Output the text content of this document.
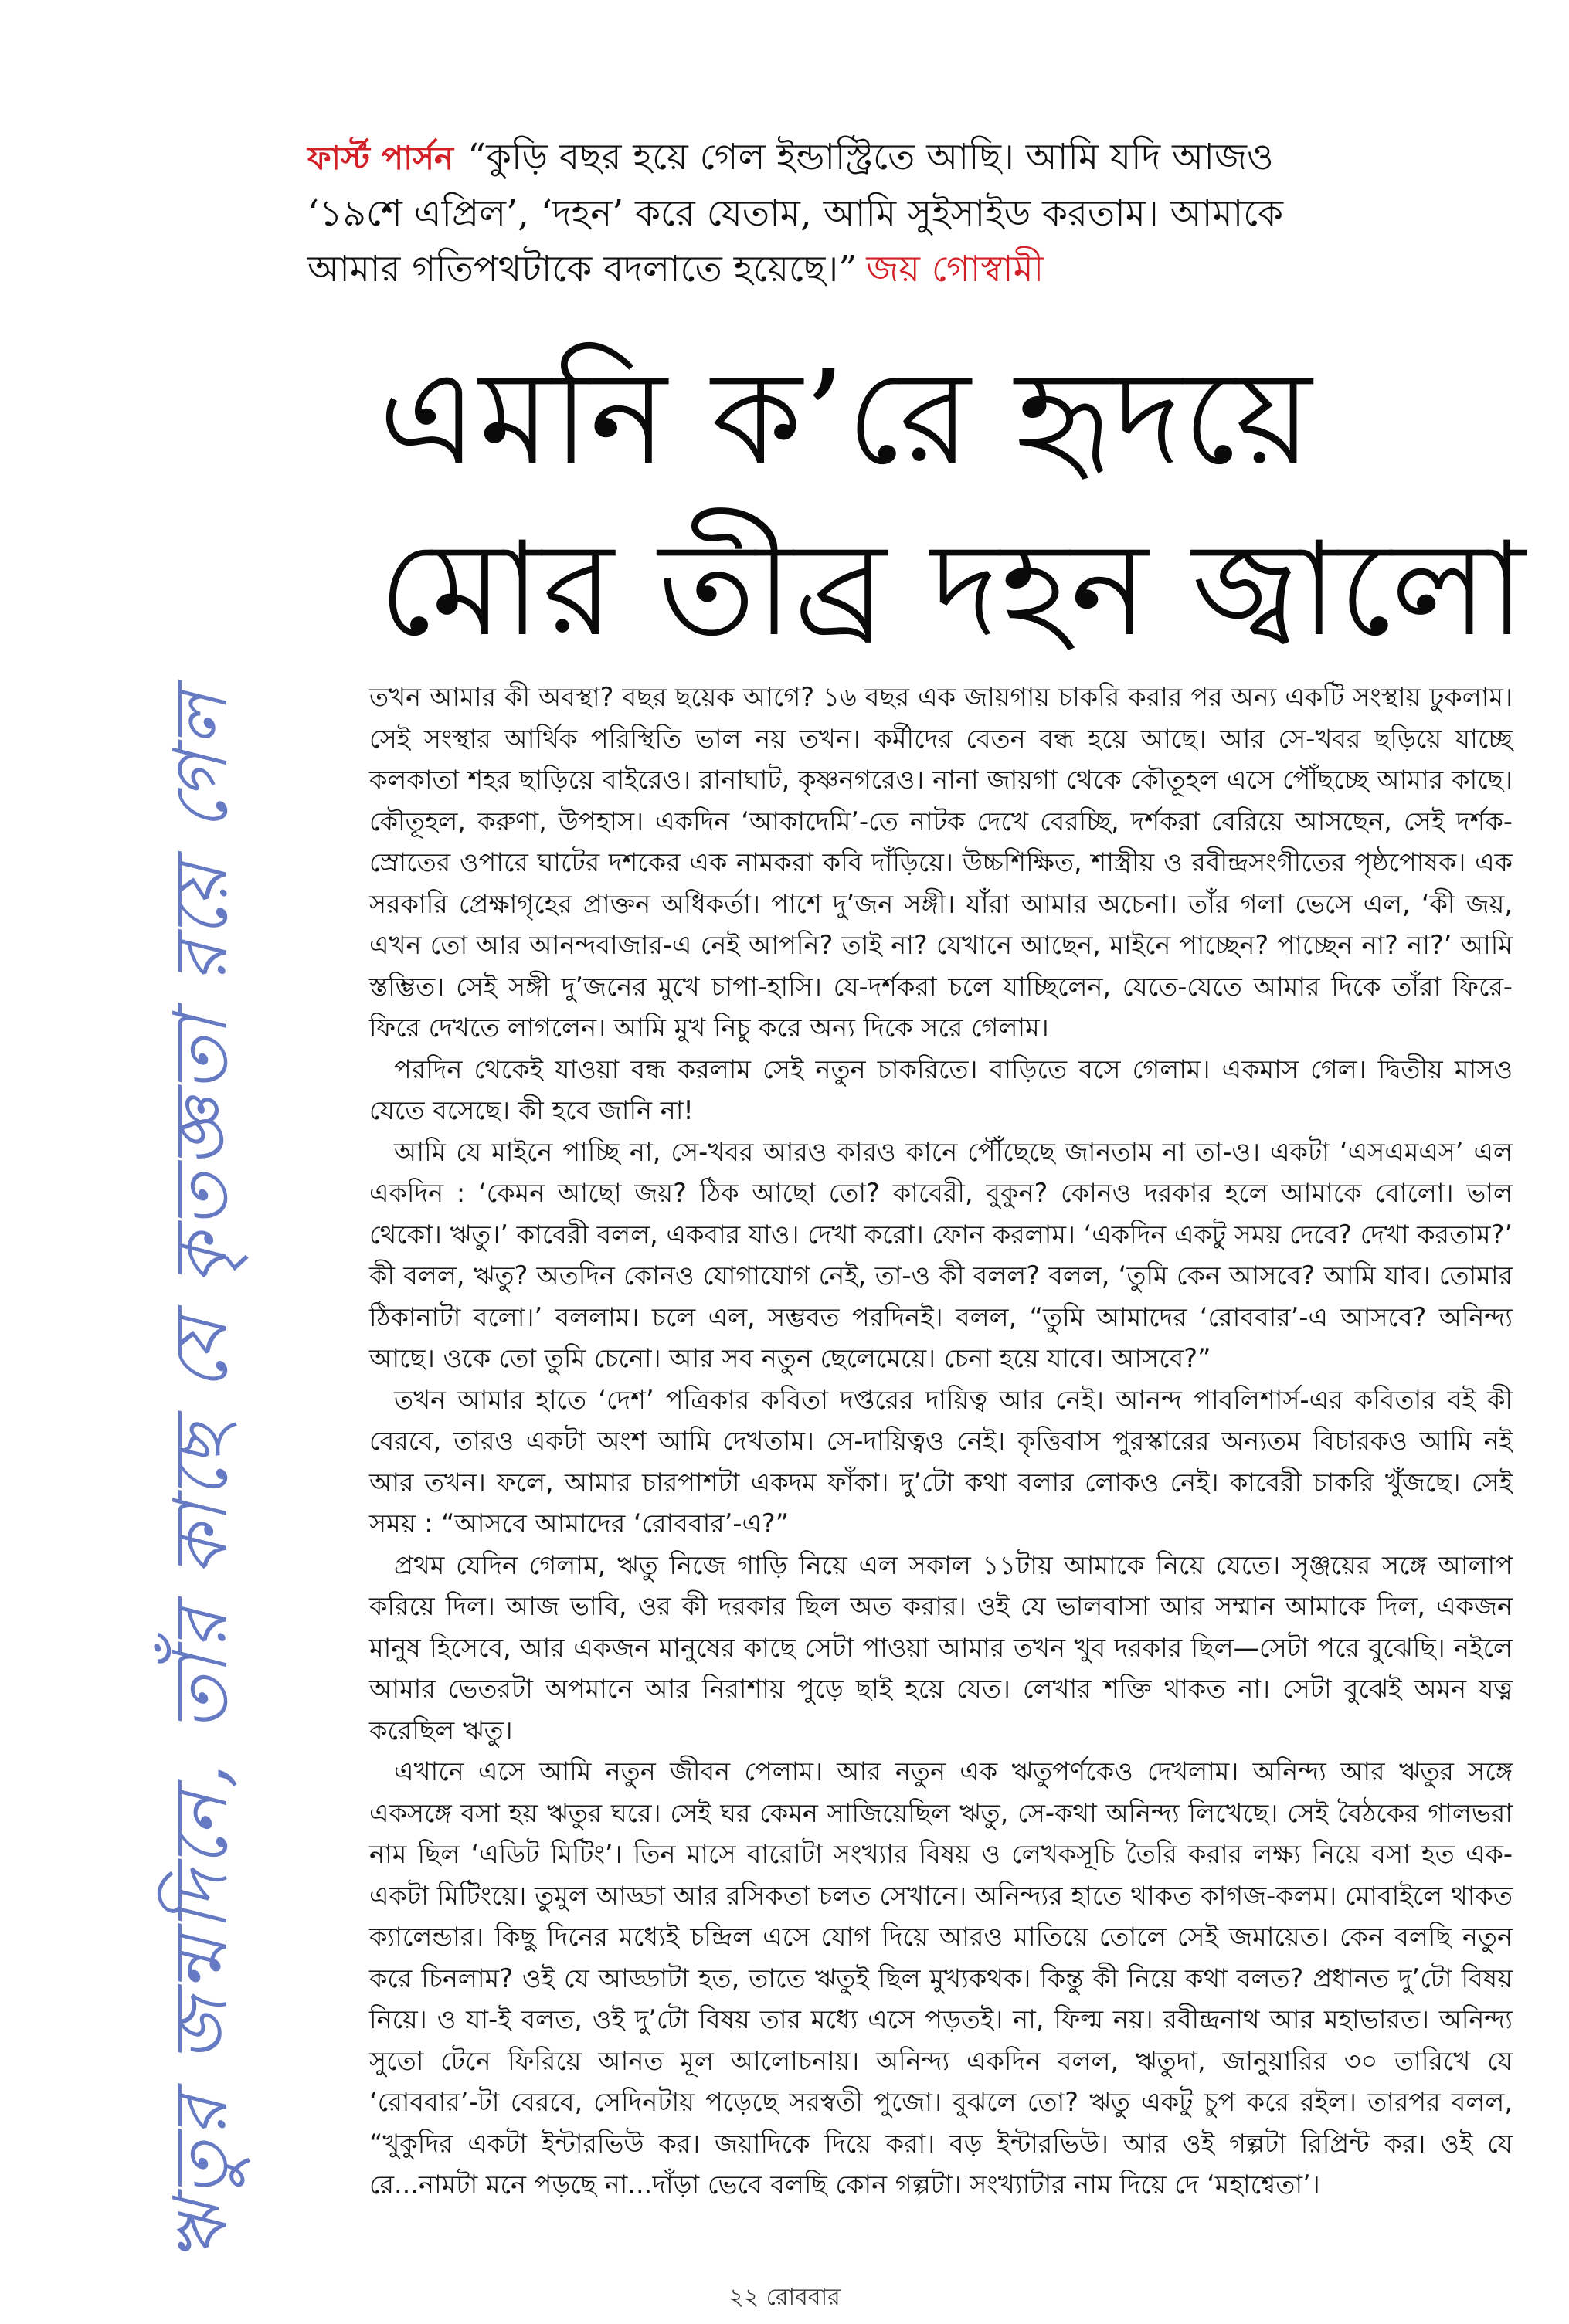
ঋতুর জন্মদিনে, তাঁর কাছে যে কৃতজ্ঞতা রয়ে গেল
ফার্স্ট পার্সন “কুড়ি বছর হয়ে গেল ইন্ডাস্ট্রিতে আছি। আমি যদি আজও ‘১৯শে এপ্রিল’, ‘দহন’ করে যেতাম, আমি সুইসাইড করতাম। আমাকে আমার গতিপথটাকে বদলাতে হয়েছে।” জয় গোস্বামী
এমনি ক’রে হৃদয়ে
মোর তীব্র দহন জ্বালো

তখন আমার কী অবস্থা? বছর ছয়েক আগে? ১৬ বছর এক জায়গায় চাকরি করার পর অন্য একটি সংস্থায় ঢুকলাম। সেই সংস্থার আর্থিক পরিস্থিতি ভাল নয় তখন। কর্মীদের বেতন বন্ধ হয়ে আছে। আর সে-খবর ছড়িয়ে যাচ্ছে কলকাতা শহর ছাড়িয়ে বাইরেও। রানাঘাট, কৃষ্ণনগরেও। নানা জায়গা থেকে কৌতূহল এসে পৌঁছচ্ছে আমার কাছে। কৌতূহল, করুণা, উপহাস। একদিন ‘আকাদেমি’-তে নাটক দেখে বেরচ্ছি, দর্শকরা বেরিয়ে আসছেন, সেই দর্শক-স্রোতের ওপারে ঘাটের দশকের এক নামকরা কবি দাঁড়িয়ে। উচ্চশিক্ষিত, শাস্ত্রীয় ও রবীন্দ্রসংগীতের পৃষ্ঠপোষক। এক সরকারি প্রেক্ষাগৃহের প্রাক্তন অধিকর্তা। পাশে দু’জন সঙ্গী। যাঁরা আমার অচেনা। তাঁর গলা ভেসে এল, ‘কী জয়, এখন তো আর আনন্দবাজার-এ নেই আপনি? তাই না? যেখানে আছেন, মাইনে পাচ্ছেন? পাচ্ছেন না? না?’ আমি স্তম্ভিত। সেই সঙ্গী দু’জনের মুখে চাপা-হাসি। যে-দর্শকরা চলে যাচ্ছিলেন, যেতে-যেতে আমার দিকে তাঁরা ফিরে-ফিরে দেখতে লাগলেন। আমি মুখ নিচু করে অন্য দিকে সরে গেলাম।

পরদিন থেকেই যাওয়া বন্ধ করলাম সেই নতুন চাকরিতে। বাড়িতে বসে গেলাম। একমাস গেল। দ্বিতীয় মাসও যেতে বসেছে। কী হবে জানি না!

আমি যে মাইনে পাচ্ছি না, সে-খবর আরও কারও কানে পৌঁছেছে জানতাম না তা-ও। একটা ‘এসএমএস’ এল একদিন : ‘কেমন আছো জয়? ঠিক আছো তো? কাবেরী, বুকুন? কোনও দরকার হলে আমাকে বোলো। ভাল থেকো। ঋতু।’ কাবেরী বলল, একবার যাও। দেখা করো। ফোন করলাম। ‘একদিন একটু সময় দেবে? দেখা করতাম?’ কী বলল, ঋতু? অতদিন কোনও যোগাযোগ নেই, তা-ও কী বলল? বলল, ‘তুমি কেন আসবে? আমি যাব। তোমার ঠিকানাটা বলো।’ বললাম। চলে এল, সম্ভবত পরদিনই। বলল, “তুমি আমাদের ‘রোববার’-এ আসবে? অনিন্দ্য আছে। ওকে তো তুমি চেনো। আর সব নতুন ছেলেমেয়ে। চেনা হয়ে যাবে। আসবে?”

তখন আমার হাতে ‘দেশ’ পত্রিকার কবিতা দপ্তরের দায়িত্ব আর নেই। আনন্দ পাবলিশার্স-এর কবিতার বই কী বেরবে, তারও একটা অংশ আমি দেখতাম। সে-দায়িত্বও নেই। কৃত্তিবাস পুরস্কারের অন্যতম বিচারকও আমি নই আর তখন। ফলে, আমার চারপাশটা একদম ফাঁকা। দু’টো কথা বলার লোকও নেই। কাবেরী চাকরি খুঁজছে। সেই সময় : “আসবে আমাদের ‘রোববার’-এ?”

প্রথম যেদিন গেলাম, ঋতু নিজে গাড়ি নিয়ে এল সকাল ১১টায় আমাকে নিয়ে যেতে। সৃঞ্জয়ের সঙ্গে আলাপ করিয়ে দিল। আজ ভাবি, ওর কী দরকার ছিল অত করার। ওই যে ভালবাসা আর সম্মান আমাকে দিল, একজন মানুষ হিসেবে, আর একজন মানুষের কাছে সেটা পাওয়া আমার তখন খুব দরকার ছিল—সেটা পরে বুঝেছি। নইলে আমার ভেতরটা অপমানে আর নিরাশায় পুড়ে ছাই হয়ে যেত। লেখার শক্তি থাকত না। সেটা বুঝেই অমন যত্ন করেছিল ঋতু।

এখানে এসে আমি নতুন জীবন পেলাম। আর নতুন এক ঋতুপর্ণকেও দেখলাম। অনিন্দ্য আর ঋতুর সঙ্গে একসঙ্গে বসা হয় ঋতুর ঘরে। সেই ঘর কেমন সাজিয়েছিল ঋতু, সে-কথা অনিন্দ্য লিখেছে। সেই বৈঠকের গালভরা নাম ছিল ‘এডিট মিটিং’। তিন মাসে বারোটা সংখ্যার বিষয় ও লেখকসূচি তৈরি করার লক্ষ্য নিয়ে বসা হত এক-একটা মিটিংয়ে। তুমুল আড্ডা আর রসিকতা চলত সেখানে। অনিন্দ্যর হাতে থাকত কাগজ-কলম। মোবাইলে থাকত ক্যালেন্ডার। কিছু দিনের মধ্যেই চন্দ্রিল এসে যোগ দিয়ে আরও মাতিয়ে তোলে সেই জমায়েত। কেন বলছি নতুন করে চিনলাম? ওই যে আড্ডাটা হত, তাতে ঋতুই ছিল মুখ্যকথক। কিন্তু কী নিয়ে কথা বলত? প্রধানত দু’টো বিষয় নিয়ে। ও যা-ই বলত, ওই দু’টো বিষয় তার মধ্যে এসে পড়তই। না, ফিল্ম নয়। রবীন্দ্রনাথ আর মহাভারত। অনিন্দ্য সুতো টেনে ফিরিয়ে আনত মূল আলোচনায়। অনিন্দ্য একদিন বলল, ঋতুদা, জানুয়ারির ৩০ তারিখে যে ‘রোববার’-টা বেরবে, সেদিনটায় পড়েছে সরস্বতী পুজো। বুঝলে তো? ঋতু একটু চুপ করে রইল। তারপর বলল, “খুকুদির একটা ইন্টারভিউ কর। জয়াদিকে দিয়ে করা। বড় ইন্টারভিউ। আর ওই গল্পটা রিপ্রিন্ট কর। ওই যে রে...নামটা মনে পড়ছে না...দাঁড়া ভেবে বলছি কোন গল্পটা। সংখ্যাটার নাম দিয়ে দে ‘মহাশ্বেতা’।

২২ রোববার
